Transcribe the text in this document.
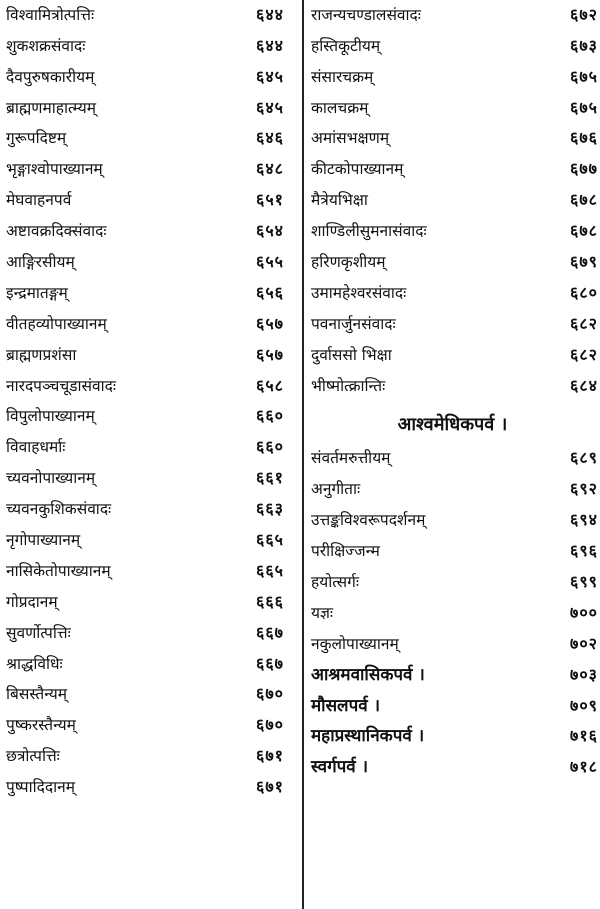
विश्वामित्रोत्पत्तिः	६४४
शुकशक्रसंवादः	६४४
दैवपुरुषकारीयम्	६४५
ब्राह्मणमाहात्म्यम्	६४५
गुरूपदिष्टम्	६४६
भृङ्गाश्वोपाख्यानम्	६४८
मेघवाहनपर्व	६५१
अष्टावक्रदिक्संवादः	६५४
आङ्गिरसीयम्	६५५
इन्द्रमातङ्गम्	६५६
वीतहव्योपाख्यानम्	६५७
ब्राह्मणप्रशंसा	६५७
नारदपञ्चचूडासंवादः	६५८
विपुलोपाख्यानम्	६६०
विवाहधर्माः	६६०
च्यवनोपाख्यानम्	६६१
च्यवनकुशिकसंवादः	६६३
नृगोपाख्यानम्	६६५
नासिकेतोपाख्यानम्	६६५
गोप्रदानम्	६६६
सुवर्णोत्पत्तिः	६६७
श्राद्धविधिः	६६७
बिसस्तैन्यम्	६७०
पुष्करस्तैन्यम्	६७०
छत्रोत्पत्तिः	६७१
पुष्पादिदानम्	६७१
राजन्यचण्डालसंवादः	६७२
हस्तिकूटीयम्	६७३
संसारचक्रम्	६७५
कालचक्रम्	६७५
अमांसभक्षणम्	६७६
कीटकोपाख्यानम्	६७७
मैत्रेयभिक्षा	६७८
शाण्डिलीसुमनासंवादः	६७८
हरिणकृशीयम्	६७९
उमामहेश्वरसंवादः	६८०
पवनार्जुनसंवादः	६८२
दुर्वाससो भिक्षा	६८२
भीष्मोत्क्रान्तिः	६८४
आश्वमेधिकपर्व ।
संवर्तमरुत्तीयम्	६८९
अनुगीताः	६९२
उत्तङ्कविश्वरूपदर्शनम्	६९४
परीक्षिज्जन्म	६९६
हयोत्सर्गः	६९९
यज्ञः	७००
नकुलोपाख्यानम्	७०२
आश्रमवासिकपर्व ।	७०३
मौसलपर्व ।	७०९
महाप्रस्थानिकपर्व ।	७१६
स्वर्गपर्व ।	७१८
